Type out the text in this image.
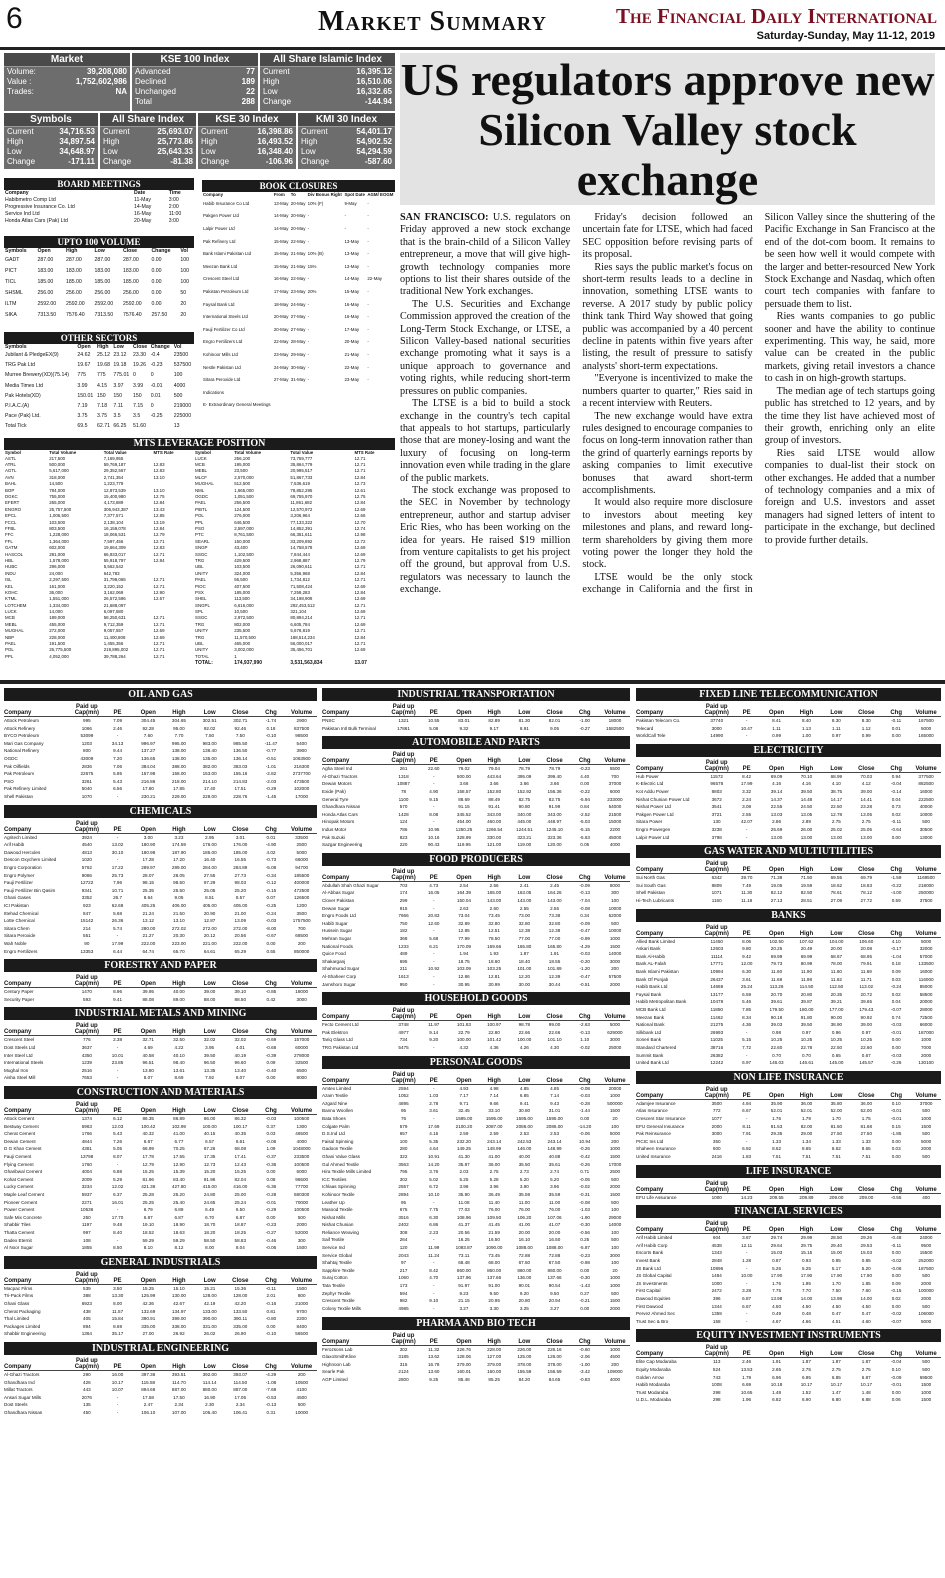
6	Market Summary	The Financial Daily International
Saturday-Sunday, May 11-12, 2019
Market
Volume:	39,208,080
Value :	1,752,602,986
Trades:	NA
KSE 100 Index
Advanced	77
Declined	189
Unchanged	22
Total	288
All Share Islamic Index
Current	16,395.12
High	16,510.06
Low	16,332.65
Change	-144.94
Symbols
Current	34,716.53
High	34,897.54
Low	34,648.97
Change	-171.11
All Share Index
Current	25,693.07
High	25,773.86
Low	25,643.33
Change	-81.38
KSE 30 Index
Current	16,398.86
High	16,493.52
Low	16,348.40
Change	-106.96
KMI 30 Index
Current	54,401.17
High	54,902.52
Low	54,294.59
Change	-587.60
BOARD MEETINGS
Company	Date	Time
Habibmetro Comp Ltd	11-May	3:00
Progressive Insurance Co. Ltd	14-May	2:00
Service Ind Ltd	16-May	11:00
Honda Atlas Cars (Pak) Ltd	20-May	3:00
UPTO 100 VOLUME
Symbols	Open	High	Low	Close	Change	Vol
GADT	287.00	287.00	287.00	287.00	0.00	100
PICT	183.00	183.00	183.00	183.00	0.00	100
TICL	185.00	185.00	185.00	185.00	0.00	100
SHSML	256.00	256.00	256.00	256.00	0.00	50
ILTM	2592.00	2592.00	2592.00	2592.00	0.00	20
SIKA	7313.50	7576.40	7313.50	7576.40	257.50	20
OTHER SECTORS
Symbols	Open	High	Low	Close	Change	Vol
Jubilant & PledgeEX(9)	24.62	25.12	23.12	23.30	-0.4	23500
TRG Pak Ltd	19.67	19.68	19.18	19.26	-0.23	537500
Murree Brewery(XD)(75.14)	775	775	775.01	0	0	100
Media Times Ltd	3.99	4.15	3.97	3.99	-0.01	4000
Pak Hotels(XD)	150.01	150	150	150	0.01	500
P.I.A.C.(A)	7.19	7.18	7.11	7.15	0	219000
Pace (Pak) Ltd.	3.75	3.75	3.5	3.5	-0.25	225000
Total Tick	69.5	62.71	66.25	51.60		13
BOOK CLOSURES
Company	From	To	Div Bonus Right	Spot Date	AGM/ EOGM
Habib Insurance Co Ltd	13-May	20-May	10% (F)	9-May	-
Pakgen Power Ltd	14-May	20-May	-	-	-
Lalpir Power Ltd	14-May	20-May	-	-	-
Pak Refinery Ltd	15-May	22-May	-	13-May	-
Bank Islami Pakistan Ltd	15-May	21-May	10% (B)	13-May	-
Meezan Bank Ltd	15-May	21-May	15%	13-May	-
Crescent Steel Ltd	16-May	22-May	-	14-May	22-May
Pakistan Petroleum Ltd	17-May	23-May	20%	15-May	-
Faysal Bank Ltd	18-May	24-May	-	16-May	-
International Steels Ltd	20-May	27-May	-	16-May	-
Fauji Fertilizer Co Ltd	20-May	27-May	-	17-May	-
Engro Fertilizers Ltd	22-May	28-May	-	20-May	-
Kohinoor Mills Ltd	23-May	29-May	-	21-May	-
Nestle Pakistan Ltd	24-May	30-May	-	22-May	-
Sitara Peroxide Ltd	27-May	31-May	-	23-May	-
Indications					
E- Extraordinary General Meetings					
MTS LEVERAGE POSITION
Symbol	Total Volume	Total Value	MTS Rate	Symbol	Total Volume	Total Value	MTS Rate
ASTL	217,500	7,169,955		LUCK	256,100	73,759,777	12.71
ATRL	500,000	59,769,187	12.83	MCB	195,000	35,864,779	12.71
AGTL	5,617,000	29,352,567	12.83	MEBL	23,500	20,995,517	12.71
AVN	318,000	2,741,354	13.10	MLCF	2,570,000	51,867,733	12.84
BAHL	14,500	1,223,778		MUGHAL	512,500	7,536,619	12.73
BOP	784,000	12,873,539	13.10	NML	1,665,000	78,852,295	12.61
DGKC	755,000	15,400,980	12.75	OGDC	1,051,500	69,755,970	12.75
EFERT	265,000	4,173,889	12.84	PAEL	256,500	11,861,682	12.84
ENGRO	25,757,500	306,943,387	13.43	PIBTL	124,500	12,570,972	12.69
EPCL	1,006,500	7,377,571	12.85	POL	276,000	3,206,964	12.66
FCCL	103,500	2,138,104	13.19	PPL	646,500	77,133,322	12.70
FFBL	803,500	16,159,078	12.84	PSO	2,597,000	14,852,391	12.74
FFC	1,228,000	18,066,531	12.79	PTC	8,761,500	66,351,611	12.98
FFL	1,364,000	7,597,456	12.71	SEARL	150,000	33,209,892	12.72
GATM	602,000	19,664,309	12.83	SNGP	43,400	14,758,578	12.69
HASCOL	281,000	66,933,017	12.71	SSGC	1,102,500	7,844,444	12.69
HBL	1,578,000	55,918,797	12.84	TRG	429,500	2,968,887	12.79
HUBC	296,000	5,562,542		UBL	103,500	26,090,611	12.71
INDU	24,000	642,783		UNITY	324,000	5,356,968	12.84
ISL	2,297,500	31,798,065	12.71	PAEL	56,500	1,734,812	12.71
KEL	161,000	3,220,152	12.71	PIOC	407,500	71,508,424	12.69
KOHC	36,000	3,162,069	12.90	PSX	185,000	7,259,283	12.84
KTML	1,551,000	26,572,596	12.67	SHEL	113,500	34,198,909	12.69
LOTCHEM	1,334,000	21,688,097		SNGPL	6,616,000	292,453,512	12.71
LUCK	14,000	6,097,580		SPL	10,500	321,104	12.69
MCB	189,000	58,250,631	12.71	SSGC	2,972,500	80,894,214	12.71
MEBL	455,000	9,712,359	12.71	TRG	802,000	6,605,784	12.69
MUGHAL	272,000	9,057,557	12.69	UNITY	235,500	5,678,819	12.71
NBP	228,000	11,400,808	12.69	TRG	11,570,500	188,514,234	12.84
PAEL	191,500	1,455,356	12.71	UBL	465,000	56,000,017	12.71
POL	26,775,500	219,895,002	12.71	UNITY	3,002,000	35,456,701	12.69
PPL	4,052,000	39,788,264	12.71	TOTAL	1		
				TOTAL:	174,937,990	3,531,563,834	13.07
US regulators approve new Silicon Valley stock exchange

SAN FRANCISCO: U.S. regulators on Friday approved a new stock exchange that is the brain-child of a Silicon Valley entrepreneur, a move that will give high-growth technology companies more options to list their shares outside of the traditional New York exchanges.

The U.S. Securities and Exchange Commission approved the creation of the Long-Term Stock Exchange, or LTSE, a Silicon Valley-based national securities exchange promoting what it says is a unique approach to governance and voting rights, while reducing short-term pressures on public companies.

The LTSE is a bid to build a stock exchange in the country's tech capital that appeals to hot startups, particularly those that are money-losing and want the luxury of focusing on long-term innovation even while trading in the glare of the public markets.

The stock exchange was proposed to the SEC in November by technology entrepreneur, author and startup adviser Eric Ries, who has been working on the idea for years. He raised $19 million from venture capitalists to get his project off the ground, but approval from U.S. regulators was necessary to launch the exchange.

Friday's decision followed an uncertain fate for LTSE, which had faced SEC opposition before revising parts of its proposal.

Ries says the public market's focus on short-term results leads to a decline in innovation, something LTSE wants to reverse. A 2017 study by public policy think tank Third Way showed that going public was accompanied by a 40 percent decline in patents within five years after listing, the result of pressure to satisfy analysts' short-term expectations.

"Everyone is incentivized to make the numbers quarter to quarter," Ries said in a recent interview with Reuters.

The new exchange would have extra rules designed to encourage companies to focus on long-term innovation rather than the grind of quarterly earnings reports by asking companies to limit executive bonuses that award short-term accomplishments.

It would also require more disclosure to investors about meeting key milestones and plans, and reward long-term shareholders by giving them more voting power the longer they hold the stock.

LTSE would be the only stock exchange in California and the first in Silicon Valley since the shuttering of the Pacific Exchange in San Francisco at the end of the dot-com boom. It remains to be seen how well it would compete with the larger and better-resourced New York Stock Exchange and Nasdaq, which often court tech companies with fanfare to persuade them to list.

Ries wants companies to go public sooner and have the ability to continue experimenting. This way, he said, more value can be created in the public markets, giving retail investors a chance to cash in on high-growth startups.

The median age of tech startups going public has stretched to 12 years, and by the time they list have achieved most of their growth, enriching only an elite group of investors.

Ries said LTSE would allow companies to dual-list their stock on other exchanges. He added that a number of technology companies and a mix of foreign and U.S. investors and asset managers had signed letters of intent to participate in the exchange, but declined to provide further details.

OIL AND GAS
Company
Paid up Cap(mn)	PE	Open	High	Low	Close	Chg	Volume
Attock Petroleum	995	7.09	304.45	304.65	302.51	302.71	-1.74	2900
Attock Refinery	1066	2.46	92.28	95.00	92.02	92.46	0.18	837500
BYCO Petroleum	53099	-	7.60	7.70	7.50	7.50	-0.10	98500
Mari Gas Company	1203	34.13	996.97	995.00	983.00	985.50	-11.47	5400
National Refinery	800	9.44	137.27	138.00	136.40	136.50	-0.77	3900
OGDC	43009	7.20	136.65	138.00	135.00	136.14	-0.51	1063500
Pak Oilfields	2836	7.06	384.04	388.00	382.00	383.03	-1.01	216300
Pak Petroleum	22675	5.85	157.98	158.00	153.00	155.16	-2.82	2737700
PSO	3261	5.43	216.86	218.00	214.10	214.83	-2.03	473500
Pak Refinery Limited	5040	6.56	17.80	17.85	17.40	17.51	-0.29	102000
Shell Pakistan	1070	-	230.21	229.00	228.00	228.76	-1.45	17000
CHEMICALS
Company
Paid up Cap(mn)	PE	Open	High	Low	Close	Chg	Volume
Agritech Limited	3924	-	3.00	3.23	2.95	3.01	0.01	33500
Arif Habib	4540	13.02	180.90	174.59	176.00	176.00	-4.90	2500
Dawood Hercules	4813	30.10	180.98	187.90	185.00	185.00	4.02	5000
Descon Oxychem Limited	1020	-	17.28	17.20	16.40	16.55	-0.73	66000
Engro Corporation	5762	17.22	289.97	289.00	284.00	284.89	-5.08	94700
Engro Polymer	9086	25.73	28.07	28.05	27.55	27.73	-0.34	185500
Fauji Fertilizer	12722	7.96	98.15	98.50	97.29	98.03	-0.12	400000
Fauji Fertilizer Bin Qasim	9341	10.71	25.35	25.50	25.05	25.20	-0.15	472500
Ghani Gases	3352	26.7	8.64	9.05	8.51	8.57	0.07	126500
ICI Pakistan	923	62.68	405.25	406.00	405.00	405.00	-0.25	1200
Ittehad Chemical	847	5.68	21.24	21.50	20.90	21.00	-0.24	3500
Lotte Chemical	15142	26.36	13.12	13.10	12.87	13.09	-0.03	1757500
Sitara Chem	214	5.74	280.00	272.02	272.00	272.00	-8.00	700
Sitara Peroxide	551	-	21.27	20.30	20.12	20.56	-0.67	68500
Wah Noble	90	17.99	222.00	223.00	221.00	222.00	0.00	200
Engro Fertilizers	13353	6.44	64.74	65.70	64.61	65.29	0.55	850000
FORESTRY AND PAPER
Company
Paid up Cap(mn)	PE	Open	High	Low	Close	Chg	Volume
Century Paper	1470	8.96	39.95	40.00	39.00	39.10	-0.85	18000
Security Paper	593	9.41	88.08	89.00	88.00	88.50	0.42	3000
INDUSTRIAL METALS AND MINING
Company
Paid up Cap(mn)	PE	Open	High	Low	Close	Chg	Volume
Crescent Steel	776	2.38	32.71	32.50	32.02	32.02	-0.69	157000
Dost Steels Ltd	3637	-	4.69	4.22	3.95	4.01	-0.68	60000
Inter Steel Ltd	4350	10.01	40.58	40.10	39.50	40.19	-0.39	278000
International Steels	1239	23.85	96.51	98.40	96.50	96.60	0.09	32500
Mughal Iron	2516	-	13.80	13.61	13.35	13.40	-0.40	6500
Aisha Steel Mill	7653	-	8.07	8.69	7.92	8.07	0.00	8000
CONSTRUCTION AND MATERIALS
Company
Paid up Cap(mn)	PE	Open	High	Low	Close	Chg	Volume
Attock Cement	1374	6.12	86.35	86.89	86.00	86.32	-0.03	100500
Bestway Cement	5963	12.03	100.42	102.99	100.00	100.17	0.37	1300
Cherat Cement	1766	5.43	40.32	41.00	40.15	40.35	0.03	46500
Dewan Cement	4844	7.26	6.67	6.77	6.57	6.61	-0.06	4000
D G Khan Cement	4381	5.05	66.99	70.25	67.26	68.08	1.09	1048000
Fauji Cement	13798	8.07	17.78	17.55	17.35	17.41	-0.37	233500
Flying Cement	1760	-	12.79	12.90	12.73	12.43	-0.36	100500
Gharibwal Cement	4004	6.88	15.25	15.39	15.20	15.25	0.00	6000
Kohat Cement	2009	5.29	81.96	83.40	81.96	82.04	0.08	96500
Lucky Cement	3234	12.02	421.36	427.80	415.00	416.00	-5.36	77700
Maple Leaf Cement	5937	6.37	25.28	25.20	24.80	25.00	-0.28	580300
Pioneer Cement	2271	16.01	25.25	25.40	24.65	25.24	-0.01	70000
Power Cement	10536	-	6.79	6.89	6.49	6.50	-0.29	100500
Safe Mix Concrete	250	17.70	6.87	6.87	6.70	6.87	0.00	500
Shabbir Tiles	1197	9.48	19.10	18.90	18.70	18.87	-0.23	2000
Thatta Cement	997	8.40	18.52	18.63	18.20	18.25	-0.27	52000
Dadex Eternit	108	-	59.29	59.29	58.50	58.83	-0.46	300
Al Noor Sugar	1855	8.50	8.10	8.12	8.00	8.04	-0.06	1500
GENERAL INDUSTRIALS
Company
Paid up Cap(mn)	PE	Open	High	Low	Close	Chg	Volume
Macpac Films	539	3.50	15.25	15.10	15.21	15.36	-0.11	1500
Tri-Pack Films	388	13.30	125.99	130.00	128.00	128.00	2.01	800
Ghani Glass	6923	8.00	42.36	42.67	42.19	42.20	-0.16	21000
Cherat Packaging	438	11.57	132.69	134.97	133.00	133.50	0.81	9700
Thal Limited	405	15.84	390.91	399.00	390.00	390.11	-0.80	2200
Packages Limited	894	8.69	335.00	338.00	331.00	335.00	0.00	8400
Shabbir Engineering	1364	35.17	27.00	26.92	26.02	26.90	-0.10	56500
INDUSTRIAL ENGINEERING
Company
Paid up Cap(mn)	PE	Open	High	Low	Close	Chg	Volume
Al-Ghazi Tractors	290	16.00	397.36	393.51	392.00	393.07	-4.29	200
Ghandhara Ind	426	10.17	115.58	114.70	114.14	114.50	-1.08	10500
Millat Tractors	443	10.07	894.68	887.00	880.00	887.00	-7.68	4100
Ansari Sugar Mills	2076	-	17.58	17.50	16.90	17.05	-0.53	4500
Dost Steels	135	-	2.47	2.34	2.30	2.34	-0.13	500
Ghandhara Nissan	450	-	106.10	107.00	105.40	106.41	0.31	10000
INDUSTRIAL TRANSPORTATION
Company
Paid up Cap(mn)	PE	Open	High	Low	Close	Chg	Volume
PNSC	1321	10.55	83.01	82.89	81.30	82.01	-1.00	18000
Pakistan Intl Bulk Terminal	17861	5.08	9.32	9.17	8.91	9.05	-0.27	1582500
AUTOMOBILE AND PARTS
Company
Paid up Cap(mn)	PE	Open	High	Low	Close	Chg	Volume
Agha Steel Ind	261	22.60	79.02	79.04	78.79	78.79	-0.23	5500
Al-Ghazi Tractors	1318	-	500.00	443.64	395.09	399.40	4.40	700
Dewan Motors	10887	-	3.66	3.66	3.66	3.66	0.00	37000
Exide (Pak)	78	4.90	158.57	152.80	152.92	156.36	-0.22	6000
General Tyre	1100	9.15	88.69	88.49	82.75	82.75	-5.94	233000
Ghandhara Nissan	570	-	91.15	91.41	90.80	91.99	0.84	54000
Honda Atlas Cars	1428	8.08	345.52	343.00	340.00	343.00	-2.52	21500
Hinopak Motors	124	-	454.00	460.00	445.00	448.97	-5.03	15000
Indus Motor	786	10.95	1250.25	1266.54	1244.51	1245.10	-5.15	2200
Pak Suzuki	823	10.16	328.99	330.00	323.21	323.36	-5.63	45000
Sazgar Engineering	220	90.43	119.95	121.00	119.00	120.00	0.05	4000
FOOD PRODUCERS
Company
Paid up Cap(mn)	PE	Open	High	Low	Close	Chg	Volume
Abdullah Shah Ghazi Sugar	703	4.73	2.54	2.56	2.41	2.45	-0.09	8000
Al-Abbas Sugar	174	16.05	164.39	165.00	163.05	164.26	-0.13	300
Clover Pakistan	299	-	150.04	143.00	143.00	143.00	-7.04	100
Dewan Sugar	915	-	2.63	2.60	2.55	2.55	-0.08	10000
Engro Foods Ltd	7666	20.83	73.04	73.45	73.00	73.38	0.34	52000
Habib Sugar	750	12.60	32.89	32.80	32.80	32.80	-0.09	500
Hussein Sugar	182	-	12.85	12.51	12.38	12.38	-0.47	10000
Mehran Sugar	368	5.68	77.99	78.50	77.00	77.00	-0.99	1000
National Foods	1233	6.21	170.09	169.66	165.80	165.80	-4.29	1500
Quice Food	489	-	1.94	1.93	1.87	1.91	-0.03	14000
Shakarganj	695	-	18.75	18.60	18.40	18.55	-0.20	3000
Shahmurad Sugar	211	10.92	103.09	103.25	101.00	101.89	-1.20	200
Al-Shaheer Corp	1613	-	12.86	12.81	12.20	12.39	-0.47	57500
Jamshoro Sugar	950	-	30.95	30.99	30.00	30.44	-0.51	2000
HOUSEHOLD GOODS
Company
Paid up Cap(mn)	PE	Open	High	Low	Close	Chg	Volume
Fecto Cement Ltd	3748	11.97	101.63	100.97	98.78	99.00	-2.63	5000
Pak Elektron	4977	9.14	22.79	22.80	22.66	22.66	-0.13	629000
Tariq Glass Ltd	734	9.20	100.00	101.42	100.00	101.10	1.10	3000
TRG Pakistan Ltd	5475	-	4.32	4.36	4.26	4.30	-0.02	25000
PERSONAL GOODS
Company
Paid up Cap(mn)	PE	Open	High	Low	Close	Chg	Volume
Amtex Limited	2594	-	4.93	4.98	4.85	4.85	-0.08	20000
Azam Textile	1052	1.03	7.17	7.14	6.85	7.14	-0.03	1000
Azgard Nine	4895	2.78	9.71	9.66	9.41	9.43	-0.28	500000
Bannu Woollen	95	3.61	32.45	33.10	30.80	31.01	-1.44	1500
Bata Shoes	76	-	1595.00	1595.00	1595.00	1595.00	0.00	20
Colgate Palm	579	17.69	2100.20	2087.00	2086.00	2086.00	-14.20	100
D.S.Ind Ltd	657	4.16	2.59	2.59	2.53	2.53	-0.06	5000
Faisal Spinning	100	5.35	232.20	243.14	242.53	243.14	10.94	200
Gadoon Textile	280	4.64	149.25	148.99	146.00	148.99	-0.26	1000
Ghani Value Glass	322	10.91	41.30	41.00	40.00	40.88	-0.42	1500
Gul Ahmed Textile	3563	14.20	35.87	36.00	35.50	35.61	-0.26	17000
Hira Textile Mills Limited	795	3.76	2.03	2.75	2.73	2.74	0.71	2500
ICC Textiles	302	5.02	5.25	5.28	5.20	5.20	-0.05	500
Ichlaas Spinning	2557	6.72	3.98	3.96	3.90	3.96	-0.02	2000
Kohinoor Textile	2894	10.10	35.90	36.49	35.59	35.59	-0.31	1500
Leather Up	95	-	11.08	11.40	11.00	11.00	-0.08	500
Masood Textile	675	7.75	77.03	76.00	76.00	76.00	-1.03	100
Nishat Mills	3516	6.30	108.96	109.50	106.20	107.06	-1.90	29000
Nishat Chunian	2402	6.86	41.37	41.45	41.00	41.07	-0.30	14000
Reliance Weaving	308	2.23	20.56	21.59	20.00	20.00	-0.56	100
Saif Textile	264	-	16.25	16.50	16.10	16.50	0.25	500
Service Ind	120	11.99	1093.87	1090.00	1088.00	1088.00	-5.87	100
Service Global	2043	11.24	73.11	73.45	72.88	72.88	-0.23	3000
Shahtaj Textile	97	-	68.48	68.00	67.50	67.50	-0.98	100
Sapphire Textile	217	8.42	860.00	860.00	860.00	860.00	0.00	20
Suraj Cotton	1060	4.70	137.96	137.66	136.00	137.66	-0.30	1000
Tata Textile	173	-	91.97	91.00	90.01	90.54	-1.43	1000
Zephyr Textile	594	-	9.23	9.50	9.20	9.50	0.27	500
Crescent Textile	982	9.10	21.15	20.95	20.80	20.94	-0.21	1500
Colony Textile Mills	4985	-	3.27	3.30	3.25	3.27	0.00	2000
PHARMA AND BIO TECH
Company
Paid up Cap(mn)	PE	Open	High	Low	Close	Chg	Volume
Ferozsons Lab	302	11.32	226.76	228.00	226.00	226.16	-0.60	1000
GlaxoSmithKline	3185	13.62	128.06	127.00	125.00	126.00	-2.06	4500
Highnoon Lab	315	16.78	379.00	379.00	378.00	378.00	-1.00	200
Searle Pak	2124	13.60	160.01	160.00	155.59	156.59	-3.42	109000
AGP Limited	2800	9.25	85.48	85.25	84.20	84.65	-0.83	4000
FIXED LINE TELECOMMUNICATION
Company
Paid up Cap(mn)	PE	Open	High	Low	Close	Chg	Volume
Pakistan Telecom Co.	37740	-	8.41	8.40	8.30	8.30	-0.11	167500
Telecard	3000	10.47	1.11	1.13	1.11	1.12	0.01	5000
WorldCall Tele	14990	-	0.99	1.00	0.97	0.99	0.00	165000
ELECTRICITY
Company
Paid up Cap(mn)	PE	Open	High	Low	Close	Chg	Volume
Hub Power	11572	8.42	69.09	70.10	68.99	70.03	0.94	377500
K-Electric Ltd	96578	17.99	4.16	4.16	4.10	4.12	-0.04	882500
Kot Addu Power	8803	3.32	39.14	39.50	38.75	39.00	-0.14	16000
Nishat Chunian Power Ltd	3672	2.24	14.37	14.48	14.17	14.41	0.04	222500
Nishat Power Ltd	3541	3.08	22.55	24.50	22.50	23.28	0.73	40000
Pakgen Power Ltd	3721	2.55	13.03	13.05	12.78	13.05	0.02	10000
Sitara Power	130	42.07	2.86	2.89	2.75	2.75	-0.11	500
Engro Powergen	3238	-	25.69	26.00	25.02	25.05	-0.64	30500
Lalpir Power Ltd	3798	-	13.00	13.00	13.00	13.00	0.00	13000
GAS WATER AND MULTIUTILITIES
Company
Paid up Cap(mn)	PE	Open	High	Low	Close	Chg	Volume
Sui North Gas	6342	39.70	71.38	71.50	69.55	69.79	-1.59	1169500
Sui South Gas	8809	7.49	19.05	19.59	18.62	18.83	-0.22	218000
Shell Pakistan	1071	11.30	82.12	82.50	78.61	78.12	-4.00	250000
Hi-Tech Lubricants	1160	11.18	27.13	28.51	27.09	27.72	0.59	37500
BANKS
Company
Paid up Cap(mn)	PE	Open	High	Low	Close	Chg	Volume
Allied Bank Limited	11450	8.06	102.50	107.62	104.00	106.60	4.10	5000
Askari Bank	12603	9.80	20.25	20.49	20.00	20.08	-0.17	32000
Bank Al-Habib	11114	9.42	69.99	69.99	68.67	68.95	-1.04	57000
Bank AL-Falah	17771	12.00	79.73	80.99	78.00	79.91	0.18	133500
Bank Islami Pakistan	10994	6.30	11.60	11.90	11.60	11.69	0.09	16000
Bank Of Punjab	26437	3.61	11.68	11.98	11.62	11.71	0.03	116000
Habib Bank Ltd	14669	25.24	113.26	114.50	112.50	113.02	-0.24	85000
Faysal Bank	13177	6.59	20.70	20.80	20.35	20.72	0.02	58500
Habib Metropolitan Bank	10478	5.46	39.61	39.87	39.21	39.65	0.04	20000
MCB Bank Ltd	11850	7.85	179.50	180.00	177.00	179.43	-0.07	28000
Meezan Bank	11462	8.34	90.18	91.80	90.00	90.92	0.74	72500
National Bank	21275	4.36	39.03	39.50	38.90	39.00	-0.03	66000
Silkbank Ltd	26993	-	0.98	0.97	0.96	0.97	-0.01	187000
Soneri Bank	11025	5.15	10.25	10.25	10.25	10.25	0.00	1000
Standard Chartered	38716	7.72	22.60	22.78	22.50	22.60	0.00	7000
Summit Bank	26382	-	0.70	0.70	0.65	0.67	-0.03	2000
United Bank Ltd	12242	6.97	146.03	146.61	145.00	145.57	-0.26	130100
NON LIFE INSURANCE
Company
Paid up Cap(mn)	PE	Open	High	Low	Close	Chg	Volume
Adamjee Insurance	3500	4.94	35.90	36.00	35.80	36.00	0.10	37000
Atlas Insurance	772	6.67	52.01	52.01	52.00	52.00	-0.01	500
Crescent Star Insurance	1077	-	1.76	1.79	1.70	1.75	-0.01	1000
EFU General Insurance	2000	8.11	81.53	82.00	81.50	81.68	0.15	1500
Pak Reinsurance	3000	7.91	29.35	29.00	27.50	27.50	-1.85	500
PICIC Ins Ltd	350	-	1.33	1.34	1.33	1.33	0.00	5000
Shaheen Insurance	600	6.92	8.62	8.65	8.62	8.65	0.03	2000
United Insurance	2416	1.83	7.51	7.51	7.51	7.51	0.00	500
LIFE INSURANCE
Company
Paid up Cap(mn)	PE	Open	High	Low	Close	Chg	Volume
EFU Life Assurance	1000	14.23	209.55	209.89	209.00	209.00	-0.55	400
FINANCIAL SERVICES
Company
Paid up Cap(mn)	PE	Open	High	Low	Close	Chg	Volume
Arif Habib Limited	604	3.67	29.74	29.99	28.50	29.26	-0.48	24000
Arif Habib Corp	4538	12.11	29.64	29.75	29.40	29.53	-0.11	9500
Escorts Bank	1343	-	15.03	15.15	15.00	15.03	0.00	15500
Invest Bank	2848	1.28	0.87	0.93	0.85	0.85	-0.02	252000
JS Bank Ltd	10896	-	5.26	5.25	5.17	5.20	-0.06	187500
JS Global Capital	1484	10.00	17.90	17.90	17.90	17.90	0.00	500
JS Investments	1000	-	1.76	1.95	1.70	1.85	0.09	2000
First Capital	2472	3.28	7.75	7.70	7.50	7.60	-0.15	100000
Dawood Equities	396	6.87	13.98	14.00	13.98	14.00	0.02	2000
First Dawood	1344	6.67	4.50	4.50	4.50	4.50	0.00	500
Pervez Ahmed Sec	1359	-	0.49	0.48	0.47	0.47	-0.02	106000
Trust Sec & Bro	158	-	4.67	4.66	4.51	4.60	-0.07	5000
EQUITY INVESTMENT INSTRUMENTS
Company
Paid up Cap(mn)	PE	Open	High	Low	Close	Chg	Volume
Elite Cap Modaraba	113	2.46	1.91	1.87	1.87	1.87	-0.04	500
Equity Modaraba	524	13.53	2.65	2.75	2.75	2.75	0.10	500
Golden Arrow	743	1.79	6.96	6.95	6.85	6.87	-0.09	69500
Habib Modaraba	1008	6.69	10.18	10.17	10.17	10.17	-0.01	1500
Trust Modaraba	298	10.65	1.48	1.52	1.47	1.48	0.00	1000
U.D.L. Modaraba	298	1.96	6.82	6.90	6.80	6.88	0.06	1500
